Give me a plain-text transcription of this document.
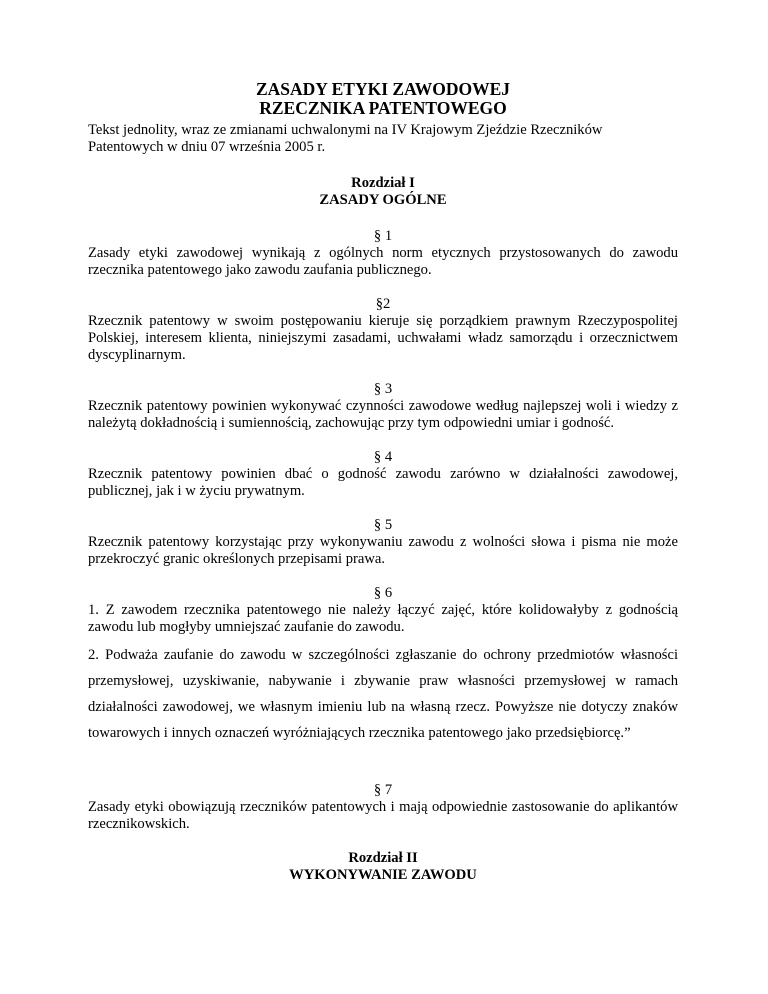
ZASADY ETYKI ZAWODOWEJ

RZECZNIKA PATENTOWEGO

Tekst jednolity, wraz ze zmianami uchwalonymi na IV Krajowym Zjeździe Rzeczników Patentowych w dniu 07 września 2005 r.

Rozdział I

ZASADY OGÓLNE

§ 1

Zasady etyki zawodowej wynikają z ogólnych norm etycznych przystosowanych do zawodu rzecznika patentowego jako zawodu zaufania publicznego.

§2

Rzecznik patentowy w swoim postępowaniu kieruje się porządkiem prawnym Rzeczypospolitej Polskiej, interesem klienta, niniejszymi zasadami, uchwałami władz samorządu i orzecznictwem dyscyplinarnym.

§ 3

Rzecznik patentowy powinien wykonywać czynności zawodowe według najlepszej woli i wiedzy z należytą dokładnością i sumiennością, zachowując przy tym odpowiedni umiar i godność.

§ 4

Rzecznik patentowy powinien dbać o godność zawodu zarówno w działalności zawodowej, publicznej, jak i w życiu prywatnym.

§ 5

Rzecznik patentowy korzystając przy wykonywaniu zawodu z wolności słowa i pisma nie może przekroczyć granic określonych przepisami prawa.

§ 6

1. Z zawodem rzecznika patentowego nie należy łączyć zajęć, które kolidowałyby z godnością zawodu lub mogłyby umniejszać zaufanie do zawodu.

2. Podważa zaufanie do zawodu w szczególności zgłaszanie do ochrony przedmiotów własności przemysłowej, uzyskiwanie, nabywanie i zbywanie praw własności przemysłowej w ramach działalności zawodowej, we własnym imieniu lub na własną rzecz. Powyższe nie dotyczy znaków towarowych i innych oznaczeń wyróżniających rzecznika patentowego jako przedsiębiorcę.”

§ 7

Zasady etyki obowiązują rzeczników patentowych i mają odpowiednie zastosowanie do aplikantów rzecznikowskich.

Rozdział II

WYKONYWANIE ZAWODU
